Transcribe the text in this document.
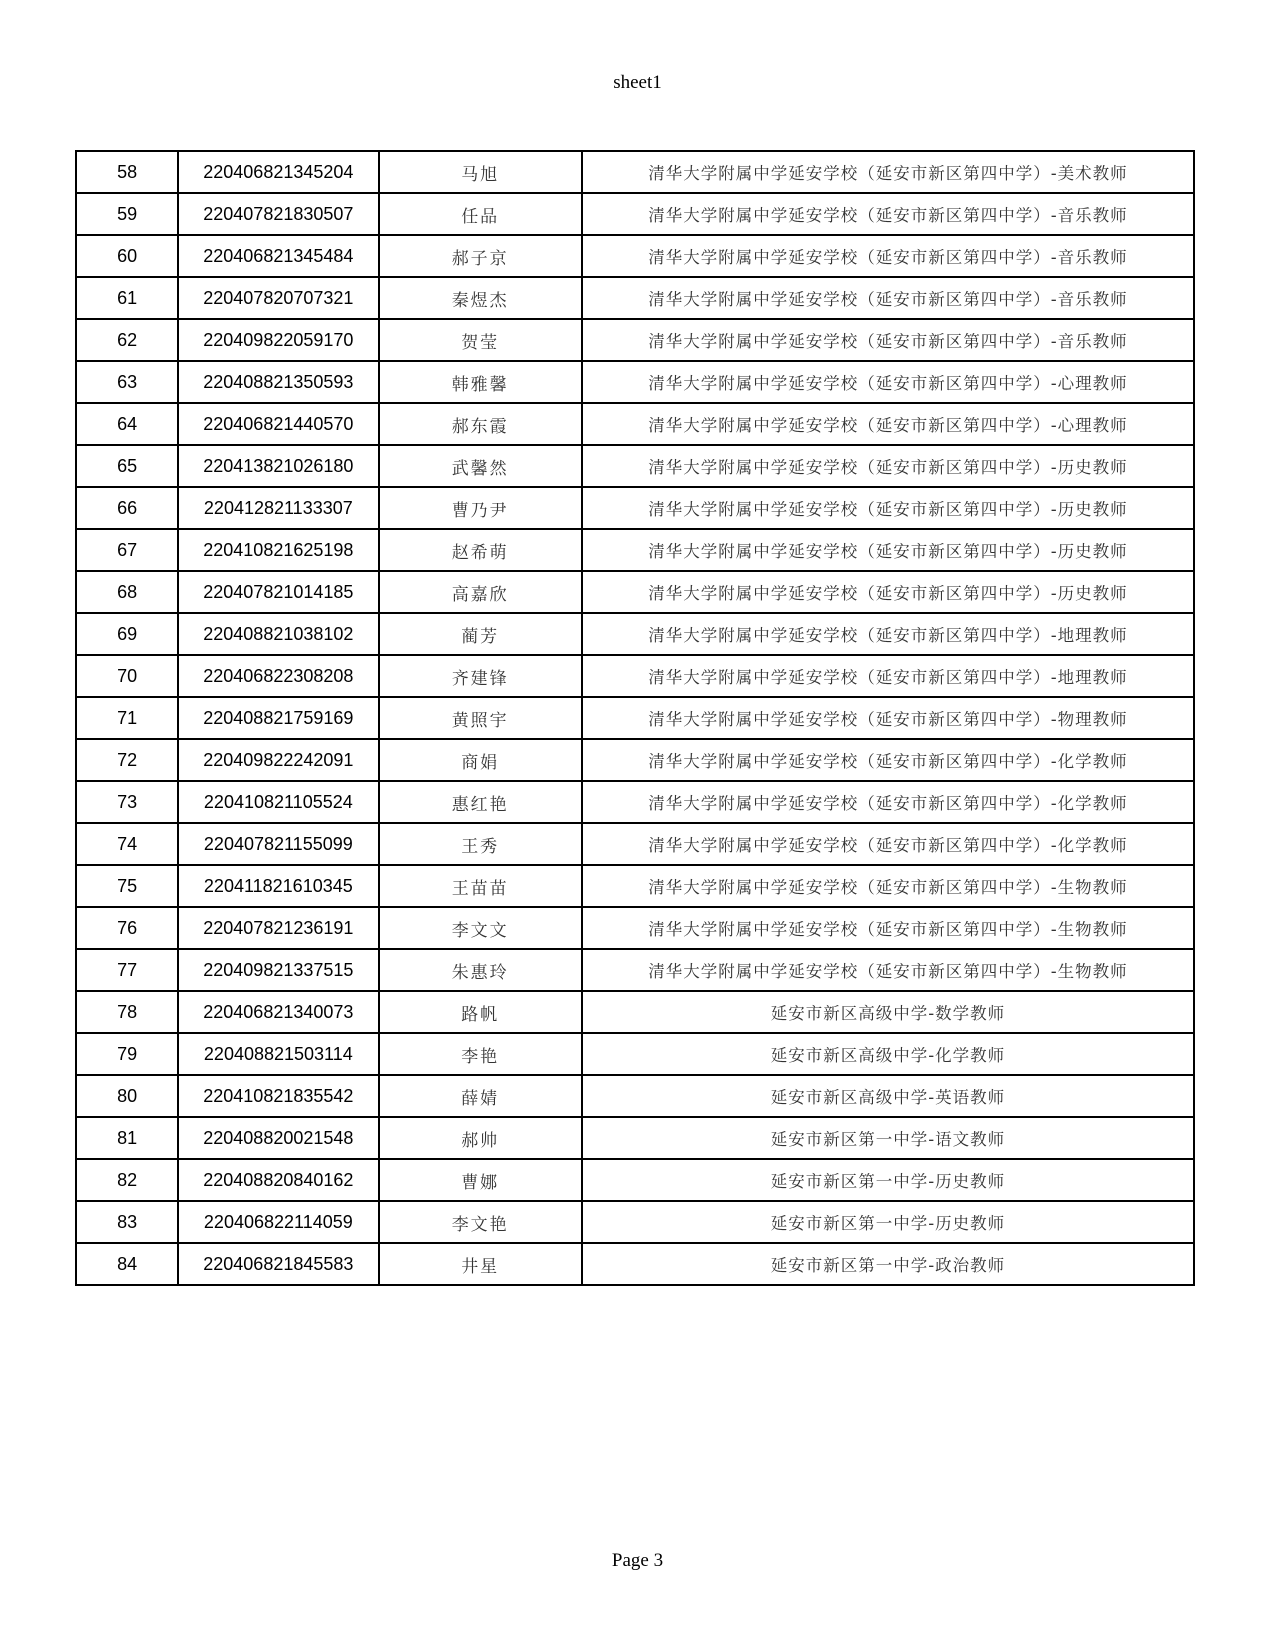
sheet1
58	220406821345204	马旭	清华大学附属中学延安学校（延安市新区第四中学）-美术教师
59	220407821830507	任品	清华大学附属中学延安学校（延安市新区第四中学）-音乐教师
60	220406821345484	郝子京	清华大学附属中学延安学校（延安市新区第四中学）-音乐教师
61	220407820707321	秦煜杰	清华大学附属中学延安学校（延安市新区第四中学）-音乐教师
62	220409822059170	贺莹	清华大学附属中学延安学校（延安市新区第四中学）-音乐教师
63	220408821350593	韩雅馨	清华大学附属中学延安学校（延安市新区第四中学）-心理教师
64	220406821440570	郝东霞	清华大学附属中学延安学校（延安市新区第四中学）-心理教师
65	220413821026180	武馨然	清华大学附属中学延安学校（延安市新区第四中学）-历史教师
66	220412821133307	曹乃尹	清华大学附属中学延安学校（延安市新区第四中学）-历史教师
67	220410821625198	赵希萌	清华大学附属中学延安学校（延安市新区第四中学）-历史教师
68	220407821014185	高嘉欣	清华大学附属中学延安学校（延安市新区第四中学）-历史教师
69	220408821038102	蔺芳	清华大学附属中学延安学校（延安市新区第四中学）-地理教师
70	220406822308208	齐建锋	清华大学附属中学延安学校（延安市新区第四中学）-地理教师
71	220408821759169	黄照宇	清华大学附属中学延安学校（延安市新区第四中学）-物理教师
72	220409822242091	商娟	清华大学附属中学延安学校（延安市新区第四中学）-化学教师
73	220410821105524	惠红艳	清华大学附属中学延安学校（延安市新区第四中学）-化学教师
74	220407821155099	王秀	清华大学附属中学延安学校（延安市新区第四中学）-化学教师
75	220411821610345	王苗苗	清华大学附属中学延安学校（延安市新区第四中学）-生物教师
76	220407821236191	李文文	清华大学附属中学延安学校（延安市新区第四中学）-生物教师
77	220409821337515	朱惠玲	清华大学附属中学延安学校（延安市新区第四中学）-生物教师
78	220406821340073	路帆	延安市新区高级中学-数学教师
79	220408821503114	李艳	延安市新区高级中学-化学教师
80	220410821835542	薛婧	延安市新区高级中学-英语教师
81	220408820021548	郝帅	延安市新区第一中学-语文教师
82	220408820840162	曹娜	延安市新区第一中学-历史教师
83	220406822114059	李文艳	延安市新区第一中学-历史教师
84	220406821845583	井星	延安市新区第一中学-政治教师
Page 3
